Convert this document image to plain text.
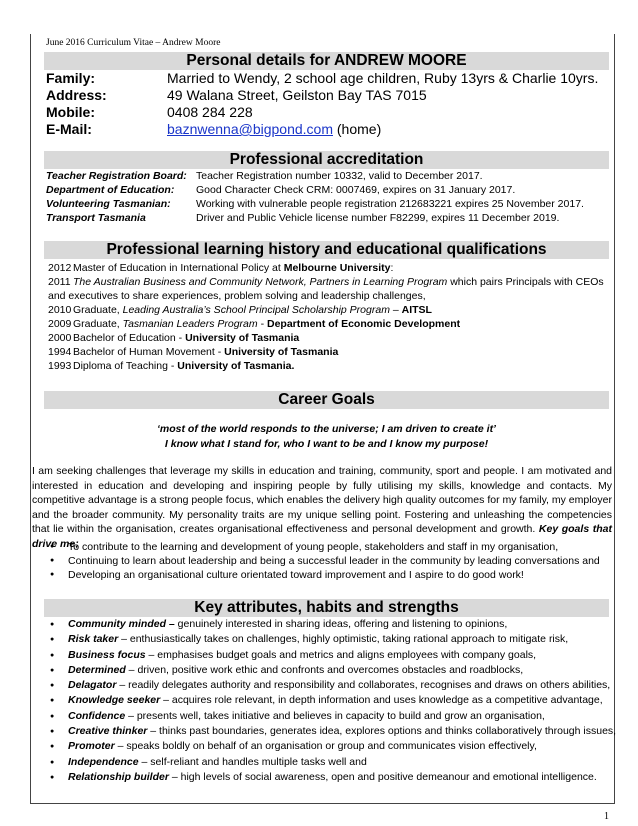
June 2016 Curriculum Vitae – Andrew Moore
Personal details for ANDREW MOORE
Family:	Married to Wendy, 2 school age children, Ruby 13yrs & Charlie 10yrs.
Address:	49 Walana Street, Geilston Bay TAS 7015
Mobile:	0408 284 228
E-Mail:	baznwenna@bigpond.com (home)
Professional accreditation
Teacher Registration Board: Teacher Registration number 10332, valid to December 2017.
Department of Education: Good Character Check CRM: 0007469, expires on 31 January 2017.
Volunteering Tasmanian: Working with vulnerable people registration 212683221 expires 25 November 2017.
Transport Tasmania	Driver and Public Vehicle license number F82299, expires 11 December 2019.
Professional learning history and educational qualifications
2012 Master of Education in International Policy at Melbourne University:
2011 The Australian Business and Community Network, Partners in Learning Program which pairs Principals with CEOs
and executives to share experiences, problem solving and leadership challenges,
2010 Graduate, Leading Australia’s School Principal Scholarship Program – AITSL
2009 Graduate, Tasmanian Leaders Program - Department of Economic Development
2000 Bachelor of Education - University of Tasmania
1994 Bachelor of Human Movement - University of Tasmania
1993 Diploma of Teaching - University of Tasmania.
Career Goals
‘most of the world responds to the universe; I am driven to create it’
I know what I stand for, who I want to be and I know my purpose!
I am seeking challenges that leverage my skills in education and training, community, sport and people. I am motivated and interested in education and developing and inspiring people by fully utilising my skills, knowledge and contacts. My competitive advantage is a strong people focus, which enables the delivery high quality outcomes for my family, my employer and the broader community. My personality traits are my unique selling point. Fostering and unleashing the competencies that lie within the organisation, creates organisational effectiveness and personal development and growth. Key goals that drive me;
● To contribute to the learning and development of young people, stakeholders and staff in my organisation,
● Continuing to learn about leadership and being a successful leader in the community by leading conversations and
● Developing an organisational culture orientated toward improvement and I aspire to do good work!
Key attributes, habits and strengths
● Community minded – genuinely interested in sharing ideas, offering and listening to opinions,
● Risk taker – enthusiastically takes on challenges, highly optimistic, taking rational approach to mitigate risk,
● Business focus – emphasises budget goals and metrics and aligns employees with company goals,
● Determined – driven, positive work ethic and confronts and overcomes obstacles and roadblocks,
● Delagator – readily delegates authority and responsibility and collaborates, recognises and draws on others abilities,
● Knowledge seeker – acquires role relevant, in depth information and uses knowledge as a competitive advantage,
● Confidence – presents well, takes initiative and believes in capacity to build and grow an organisation,
● Creative thinker – thinks past boundaries, generates idea, explores options and thinks collaboratively through issues,
● Promoter – speaks boldly on behalf of an organisation or group and communicates vision effectively,
● Independence – self-reliant and handles multiple tasks well and
● Relationship builder – high levels of social awareness, open and positive demeanour and emotional intelligence.
1
